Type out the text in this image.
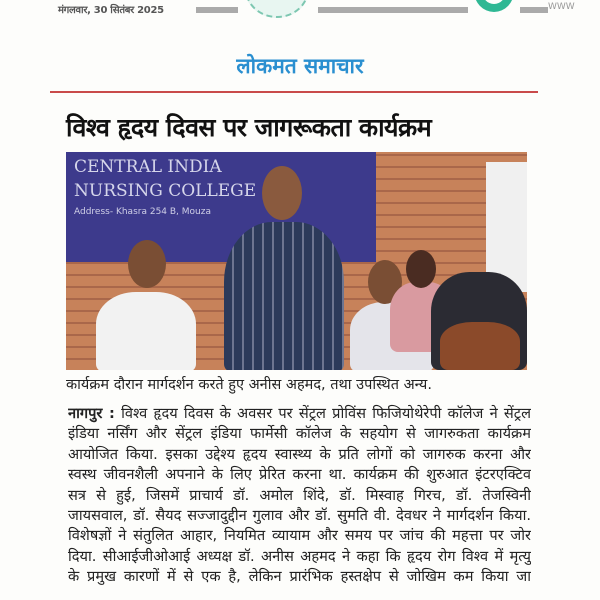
मंगलवार, 30 सितंबर 2025	WWW
लोकमत समाचार
विश्व हृदय दिवस पर जागरूकता कार्यक्रम
CENTRAL INDIA
NURSING COLLEGE
Address- Khasra 254 B, Mouza
कार्यक्रम दौरान मार्गदर्शन करते हुए अनीस अहमद, तथा उपस्थित अन्य.
नागपुर : विश्व हृदय दिवस के अवसर पर सेंट्रल प्रोविंस फिजियोथेरेपी कॉलेज ने सेंट्रल
इंडिया नर्सिंग और सेंट्रल इंडिया फार्मेसी कॉलेज के सहयोग से जागरुकता कार्यक्रम
आयोजित किया. इसका उद्देश्य हृदय स्वास्थ्य के प्रति लोगों को जागरुक करना और
स्वस्थ जीवनशैली अपनाने के लिए प्रेरित करना था. कार्यक्रम की शुरुआत इंटरएक्टिव
सत्र से हुई, जिसमें प्राचार्य डॉ. अमोल शिंदे, डॉ. मिस्वाह गिरच, डॉ. तेजस्विनी
जायसवाल, डॉ. सैयद सज्जादुद्दीन गुलाव और डॉ. सुमति वी. देवधर ने मार्गदर्शन किया.
विशेषज्ञों ने संतुलित आहार, नियमित व्यायाम और समय पर जांच की महत्ता पर जोर
दिया. सीआईजीओआई अध्यक्ष डॉ. अनीस अहमद ने कहा कि हृदय रोग विश्व में मृत्यु
के प्रमुख कारणों में से एक है, लेकिन प्रारंभिक हस्तक्षेप से जोखिम कम किया जा
